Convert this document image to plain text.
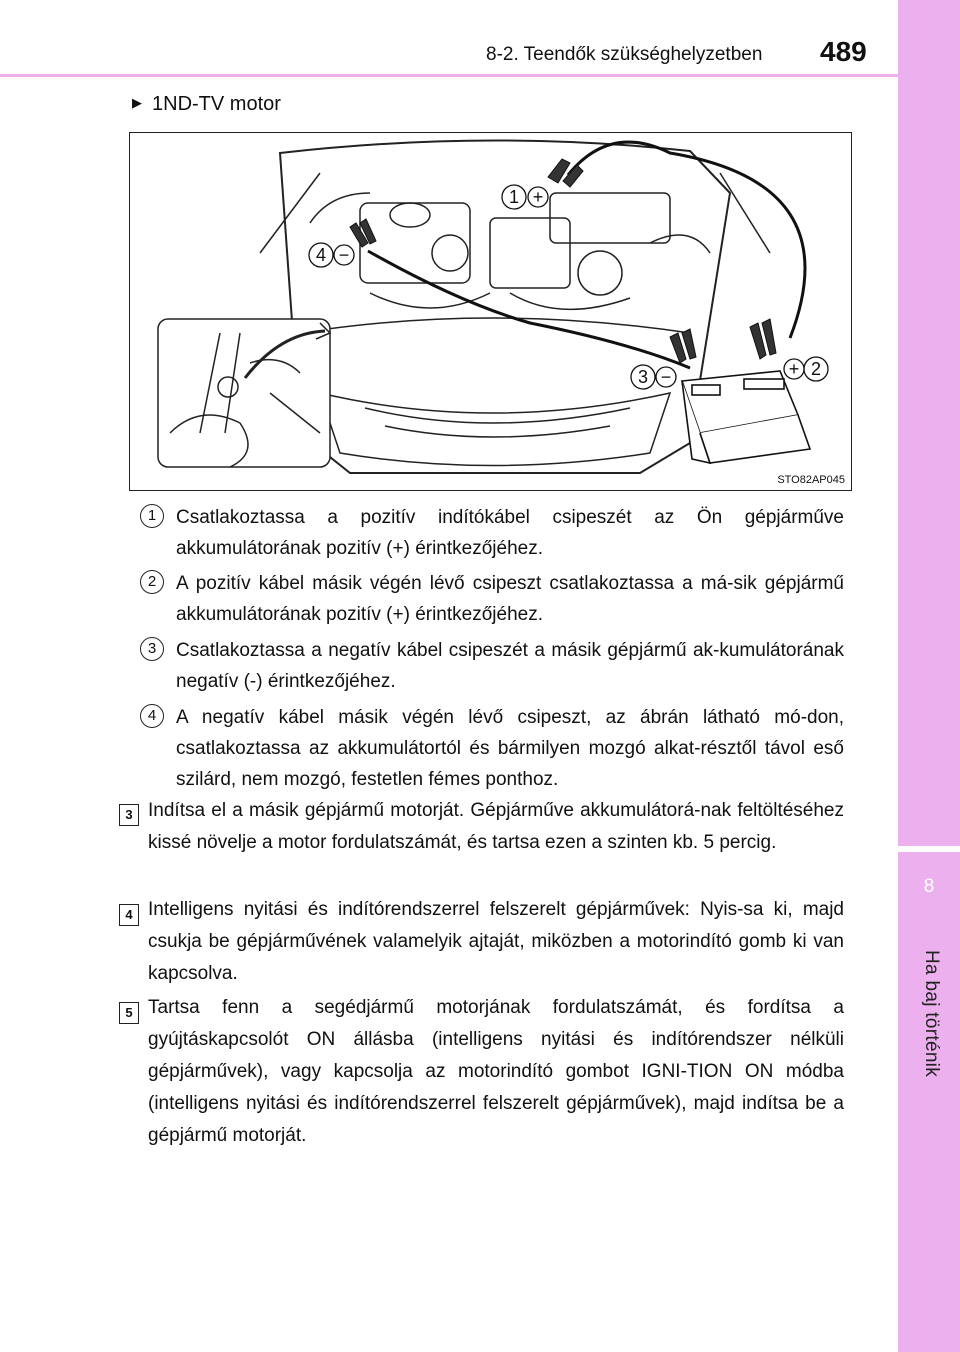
8-2. Teendők szükséghelyzetben 489
8
Ha baj történik
▶ 1ND-TV motor
1
2
3
4
+
+
−
−
STO82AP045
1	Csatlakoztassa a pozitív indítókábel csipeszét az Ön gépjárműve akkumulátorának pozitív (+) érintkezőjéhez.
2	A pozitív kábel másik végén lévő csipeszt csatlakoztassa a má-sik gépjármű akkumulátorának pozitív (+) érintkezőjéhez.
3	Csatlakoztassa a negatív kábel csipeszét a másik gépjármű ak-kumulátorának negatív (-) érintkezőjéhez.
4	A negatív kábel másik végén lévő csipeszt, az ábrán látható mó-don, csatlakoztassa az akkumulátortól és bármilyen mozgó alkat-résztől távol eső szilárd, nem mozgó, festetlen fémes ponthoz.
3 Indítsa el a másik gépjármű motorját. Gépjárműve akkumulátorá-nak feltöltéséhez kissé növelje a motor fordulatszámát, és tartsa ezen a szinten kb. 5 percig.
4 Intelligens nyitási és indítórendszerrel felszerelt gépjárművek: Nyis-sa ki, majd csukja be gépjárművének valamelyik ajtaját, miközben a motorindító gomb ki van kapcsolva.
5 Tartsa fenn a segédjármű motorjának fordulatszámát, és fordítsa a gyújtáskapcsolót ON állásba (intelligens nyitási és indítórendszer nélküli gépjárművek), vagy kapcsolja az motorindító gombot IGNI-TION ON módba (intelligens nyitási és indítórendszerrel felszerelt gépjárművek), majd indítsa be a gépjármű motorját.
